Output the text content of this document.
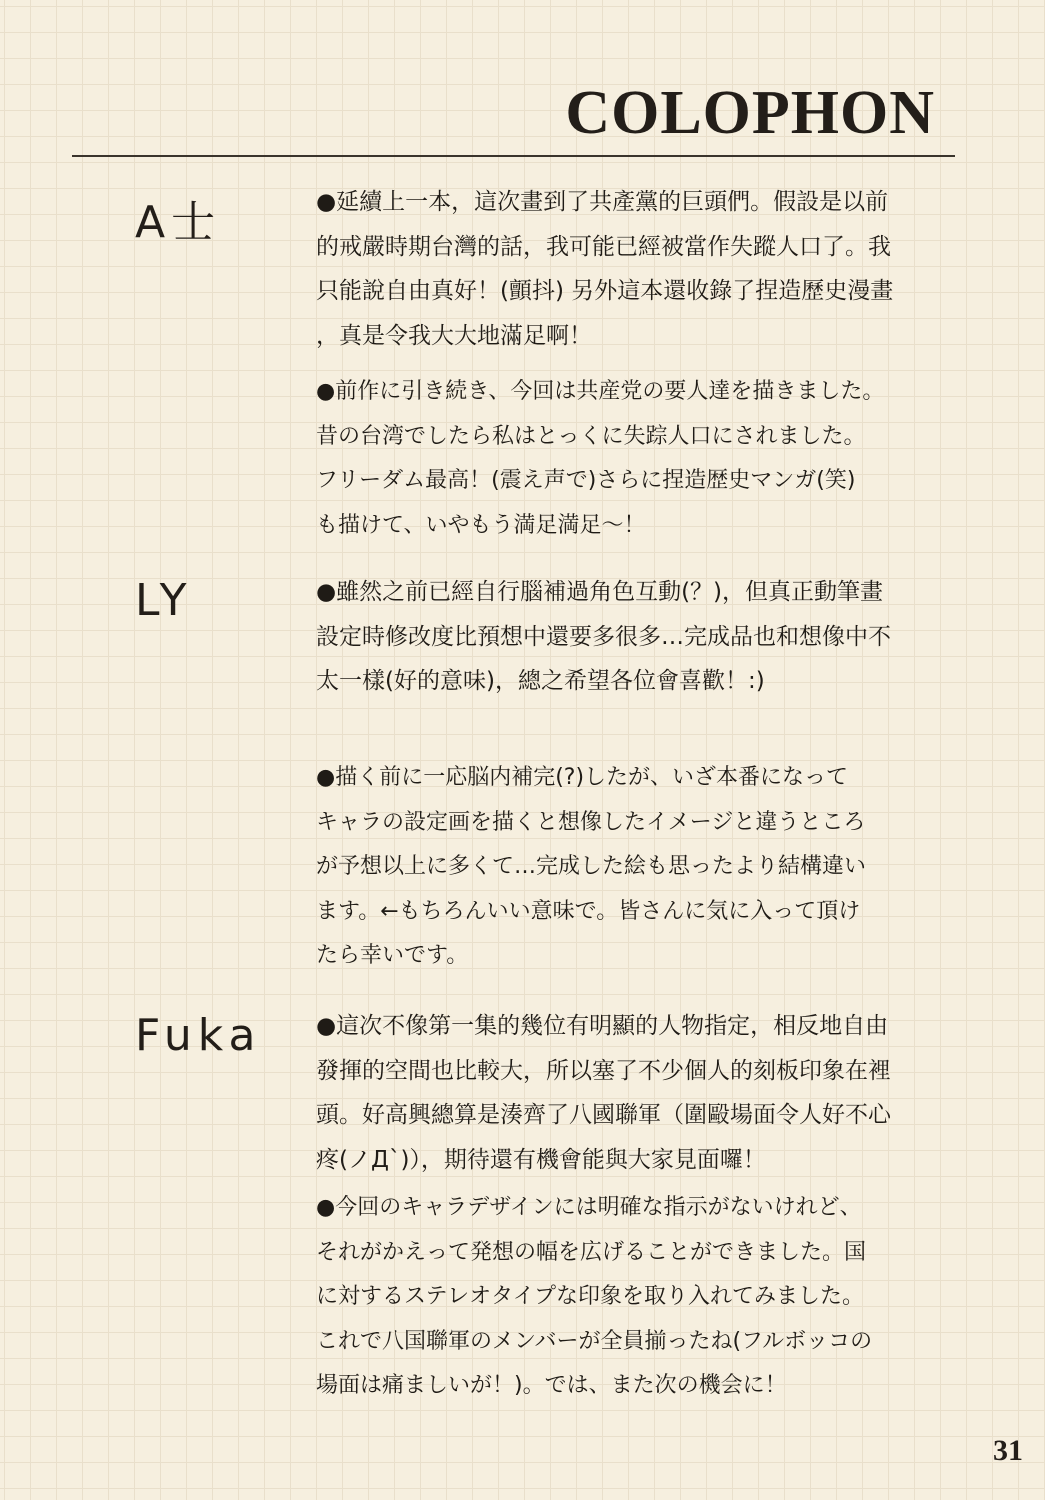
COLOPHON
A士	●延續上一本，這次畫到了共產黨的巨頭們。假設是以前
的戒嚴時期台灣的話，我可能已經被當作失蹤人口了。我
只能說自由真好！(顫抖) 另外這本還收錄了捏造歷史漫畫
，真是令我大大地滿足啊！

●前作に引き続き、今回は共産党の要人達を描きました。
昔の台湾でしたら私はとっくに失踪人口にされました。
フリーダム最高！(震え声で)さらに捏造歴史マンガ(笑)
も描けて、いやもう満足満足～！

LY	●雖然之前已經自行腦補過角色互動(？)，但真正動筆畫
設定時修改度比預想中還要多很多…完成品也和想像中不
太一樣(好的意味)，總之希望各位會喜歡！:)

●描く前に一応脳内補完(?)したが、いざ本番になって
キャラの設定画を描くと想像したイメージと違うところ
が予想以上に多くて…完成した絵も思ったより結構違い
ます。←もちろんいい意味で。皆さんに気に入って頂け
たら幸いです。

Fuka ●這次不像第一集的幾位有明顯的人物指定，相反地自由
發揮的空間也比較大，所以塞了不少個人的刻板印象在裡
頭。好高興總算是湊齊了八國聯軍（圍毆場面令人好不心
疼(ノД`)），期待還有機會能與大家見面囉！

●今回のキャラデザインには明確な指示がないけれど、
それがかえって発想の幅を広げることができました。国
に対するステレオタイプな印象を取り入れてみました。
これで八国聯軍のメンバーが全員揃ったね(フルボッコの
場面は痛ましいが！)。では、また次の機会に！

31
